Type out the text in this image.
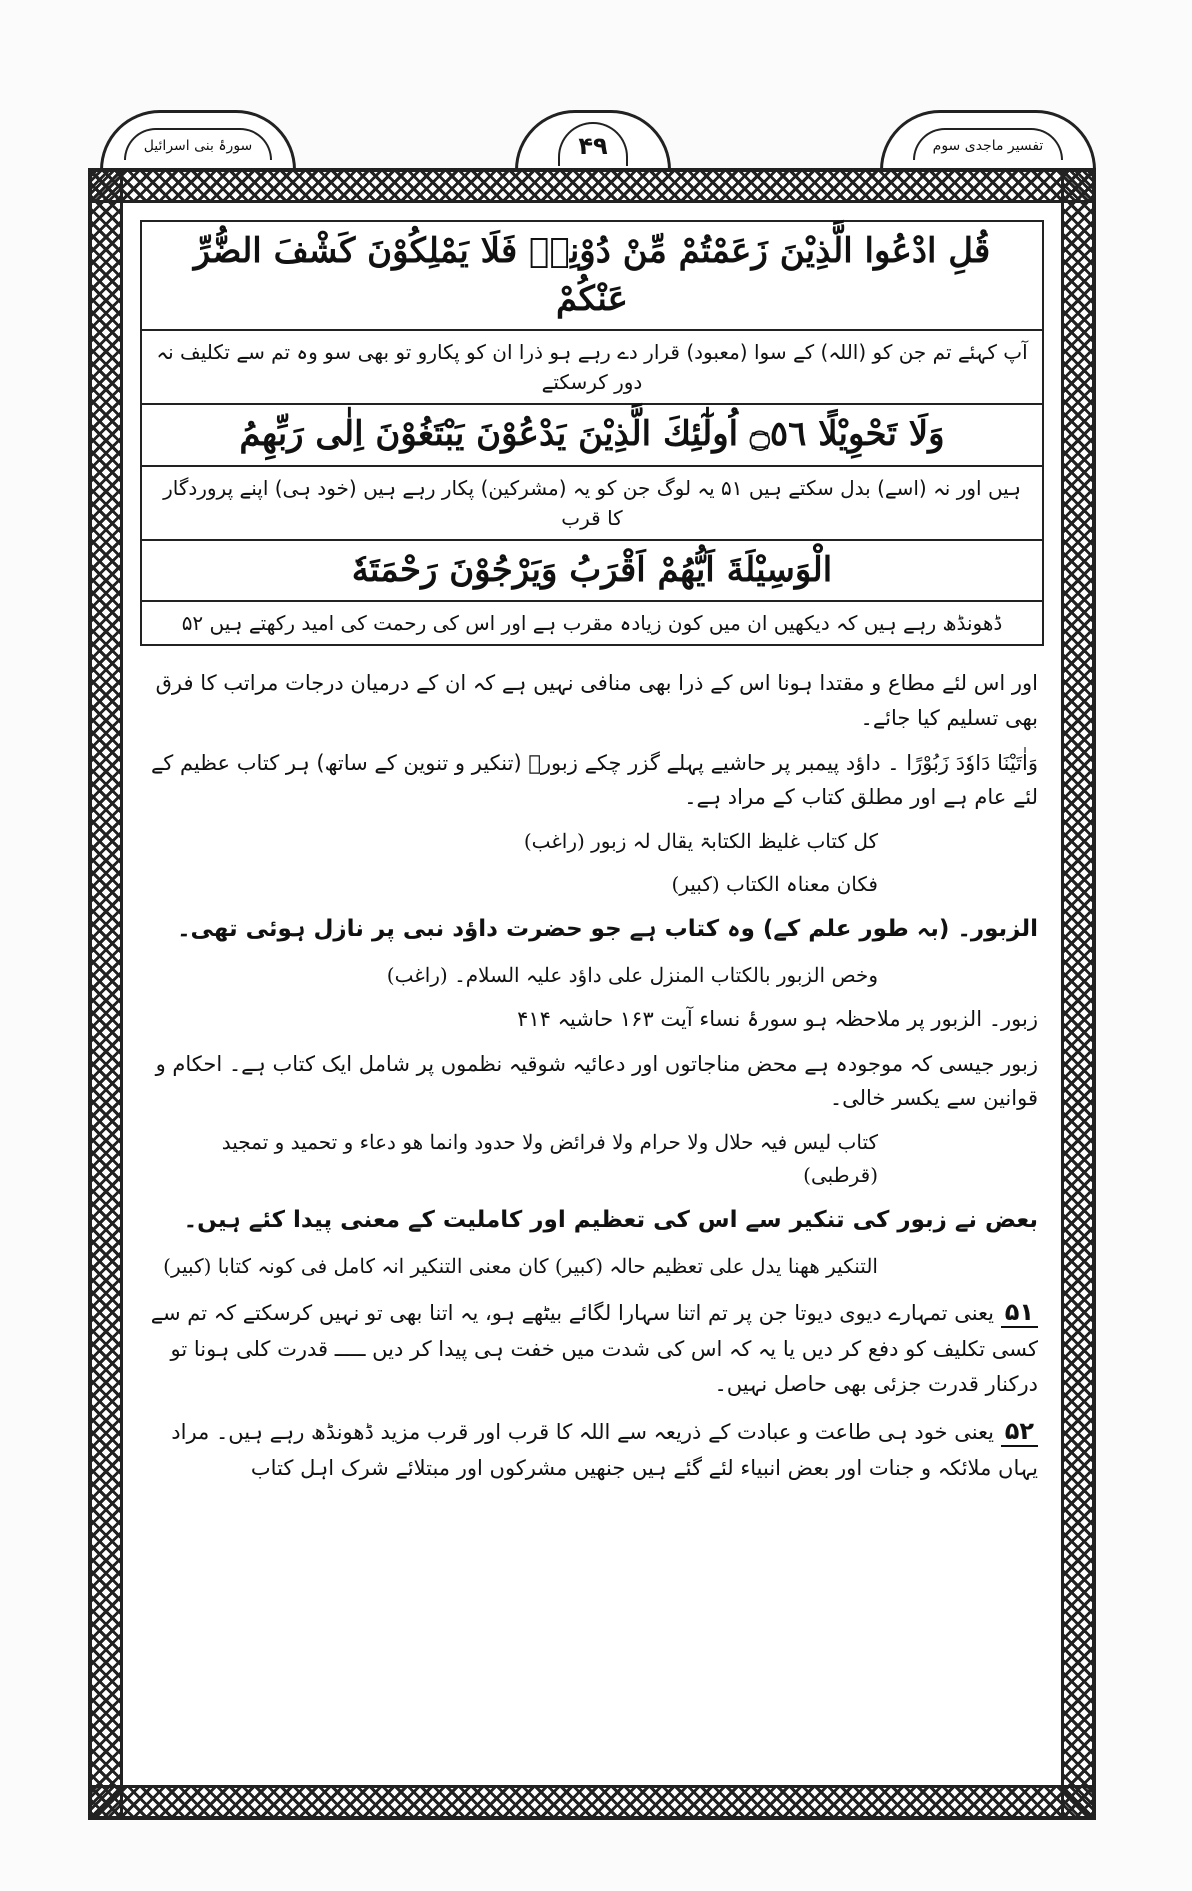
تفسیر ماجدی سوم
۴۹
سورۂ بنی اسرائیل
قُلِ ادْعُوا الَّذِيْنَ زَعَمْتُمْ مِّنْ دُوْنِهٖ فَلَا يَمْلِكُوْنَ كَشْفَ الضُّرِّ عَنْكُمْ
آپ کہئے تم جن کو (اللہ) کے سوا (معبود) قرار دے رہے ہو ذرا ان کو پکارو تو بھی سو وہ تم سے تکلیف نہ دور کرسکتے
وَلَا تَحْوِيْلًا ۝٥٦ اُولٰٓئِكَ الَّذِيْنَ يَدْعُوْنَ يَبْتَغُوْنَ اِلٰى رَبِّهِمُ
ہیں اور نہ (اسے) بدل سکتے ہیں ۵۱ یہ لوگ جن کو یہ (مشرکین) پکار رہے ہیں (خود ہی) اپنے پروردگار کا قرب
الْوَسِيْلَةَ اَيُّهُمْ اَقْرَبُ وَيَرْجُوْنَ رَحْمَتَهٗ
ڈھونڈھ رہے ہیں کہ دیکھیں ان میں کون زیادہ مقرب ہے اور اس کی رحمت کی امید رکھتے ہیں ۵۲

اور اس لئے مطاع و مقتدا ہونا اس کے ذرا بھی منافی نہیں ہے کہ ان کے درمیان درجات مراتب کا فرق بھی تسلیم کیا جائے۔

وَاٰتَيْنَا دَاوٗدَ زَبُوْرًا ۔ داؤد پیمبر پر حاشیے پہلے گزر چکے زبورؑ (تنکیر و تنوین کے ساتھ) ہر کتاب عظیم کے لئے عام ہے اور مطلق کتاب کے مراد ہے۔

کل کتاب غلیظ الکتابۃ یقال لہ زبور (راغب)

فکان معناہ الکتاب (کبیر)

الزبور۔ (بہ طور علم کے) وہ کتاب ہے جو حضرت داؤد نبی پر نازل ہوئی تھی۔

وخص الزبور بالکتاب المنزل علی داؤد علیہ السلام۔ (راغب)

زبور۔ الزبور پر ملاحظہ ہو سورۂ نساء آیت ۱۶۳ حاشیہ ۴۱۴

زبور جیسی کہ موجودہ ہے محض مناجاتوں اور دعائیہ شوقیہ نظموں پر شامل ایک کتاب ہے۔ احکام و قوانین سے یکسر خالی۔

کتاب لیس فیہ حلال ولا حرام ولا فرائض ولا حدود وانما ھو دعاء و تحمید و تمجید (قرطبی)

بعض نے زبور کی تنکیر سے اس کی تعظیم اور کاملیت کے معنی پیدا کئے ہیں۔

التنکیر ھھنا یدل علی تعظیم حالہ (کبیر) کان معنی التنکیر انہ کامل فی کونہ کتابا (کبیر)

۵۱ یعنی تمہارے دیوی دیوتا جن پر تم اتنا سہارا لگائے بیٹھے ہو، یہ اتنا بھی تو نہیں کرسکتے کہ تم سے کسی تکلیف کو دفع کر دیں یا یہ کہ اس کی شدت میں خفت ہی پیدا کر دیں ـــــ قدرت کلی ہونا تو درکنار قدرت جزئی بھی حاصل نہیں۔

۵۲ یعنی خود ہی طاعت و عبادت کے ذریعہ سے اللہ کا قرب اور قرب مزید ڈھونڈھ رہے ہیں۔ مراد یہاں ملائکہ و جنات اور بعض انبیاء لئے گئے ہیں جنھیں مشرکوں اور مبتلائے شرک اہل کتاب
